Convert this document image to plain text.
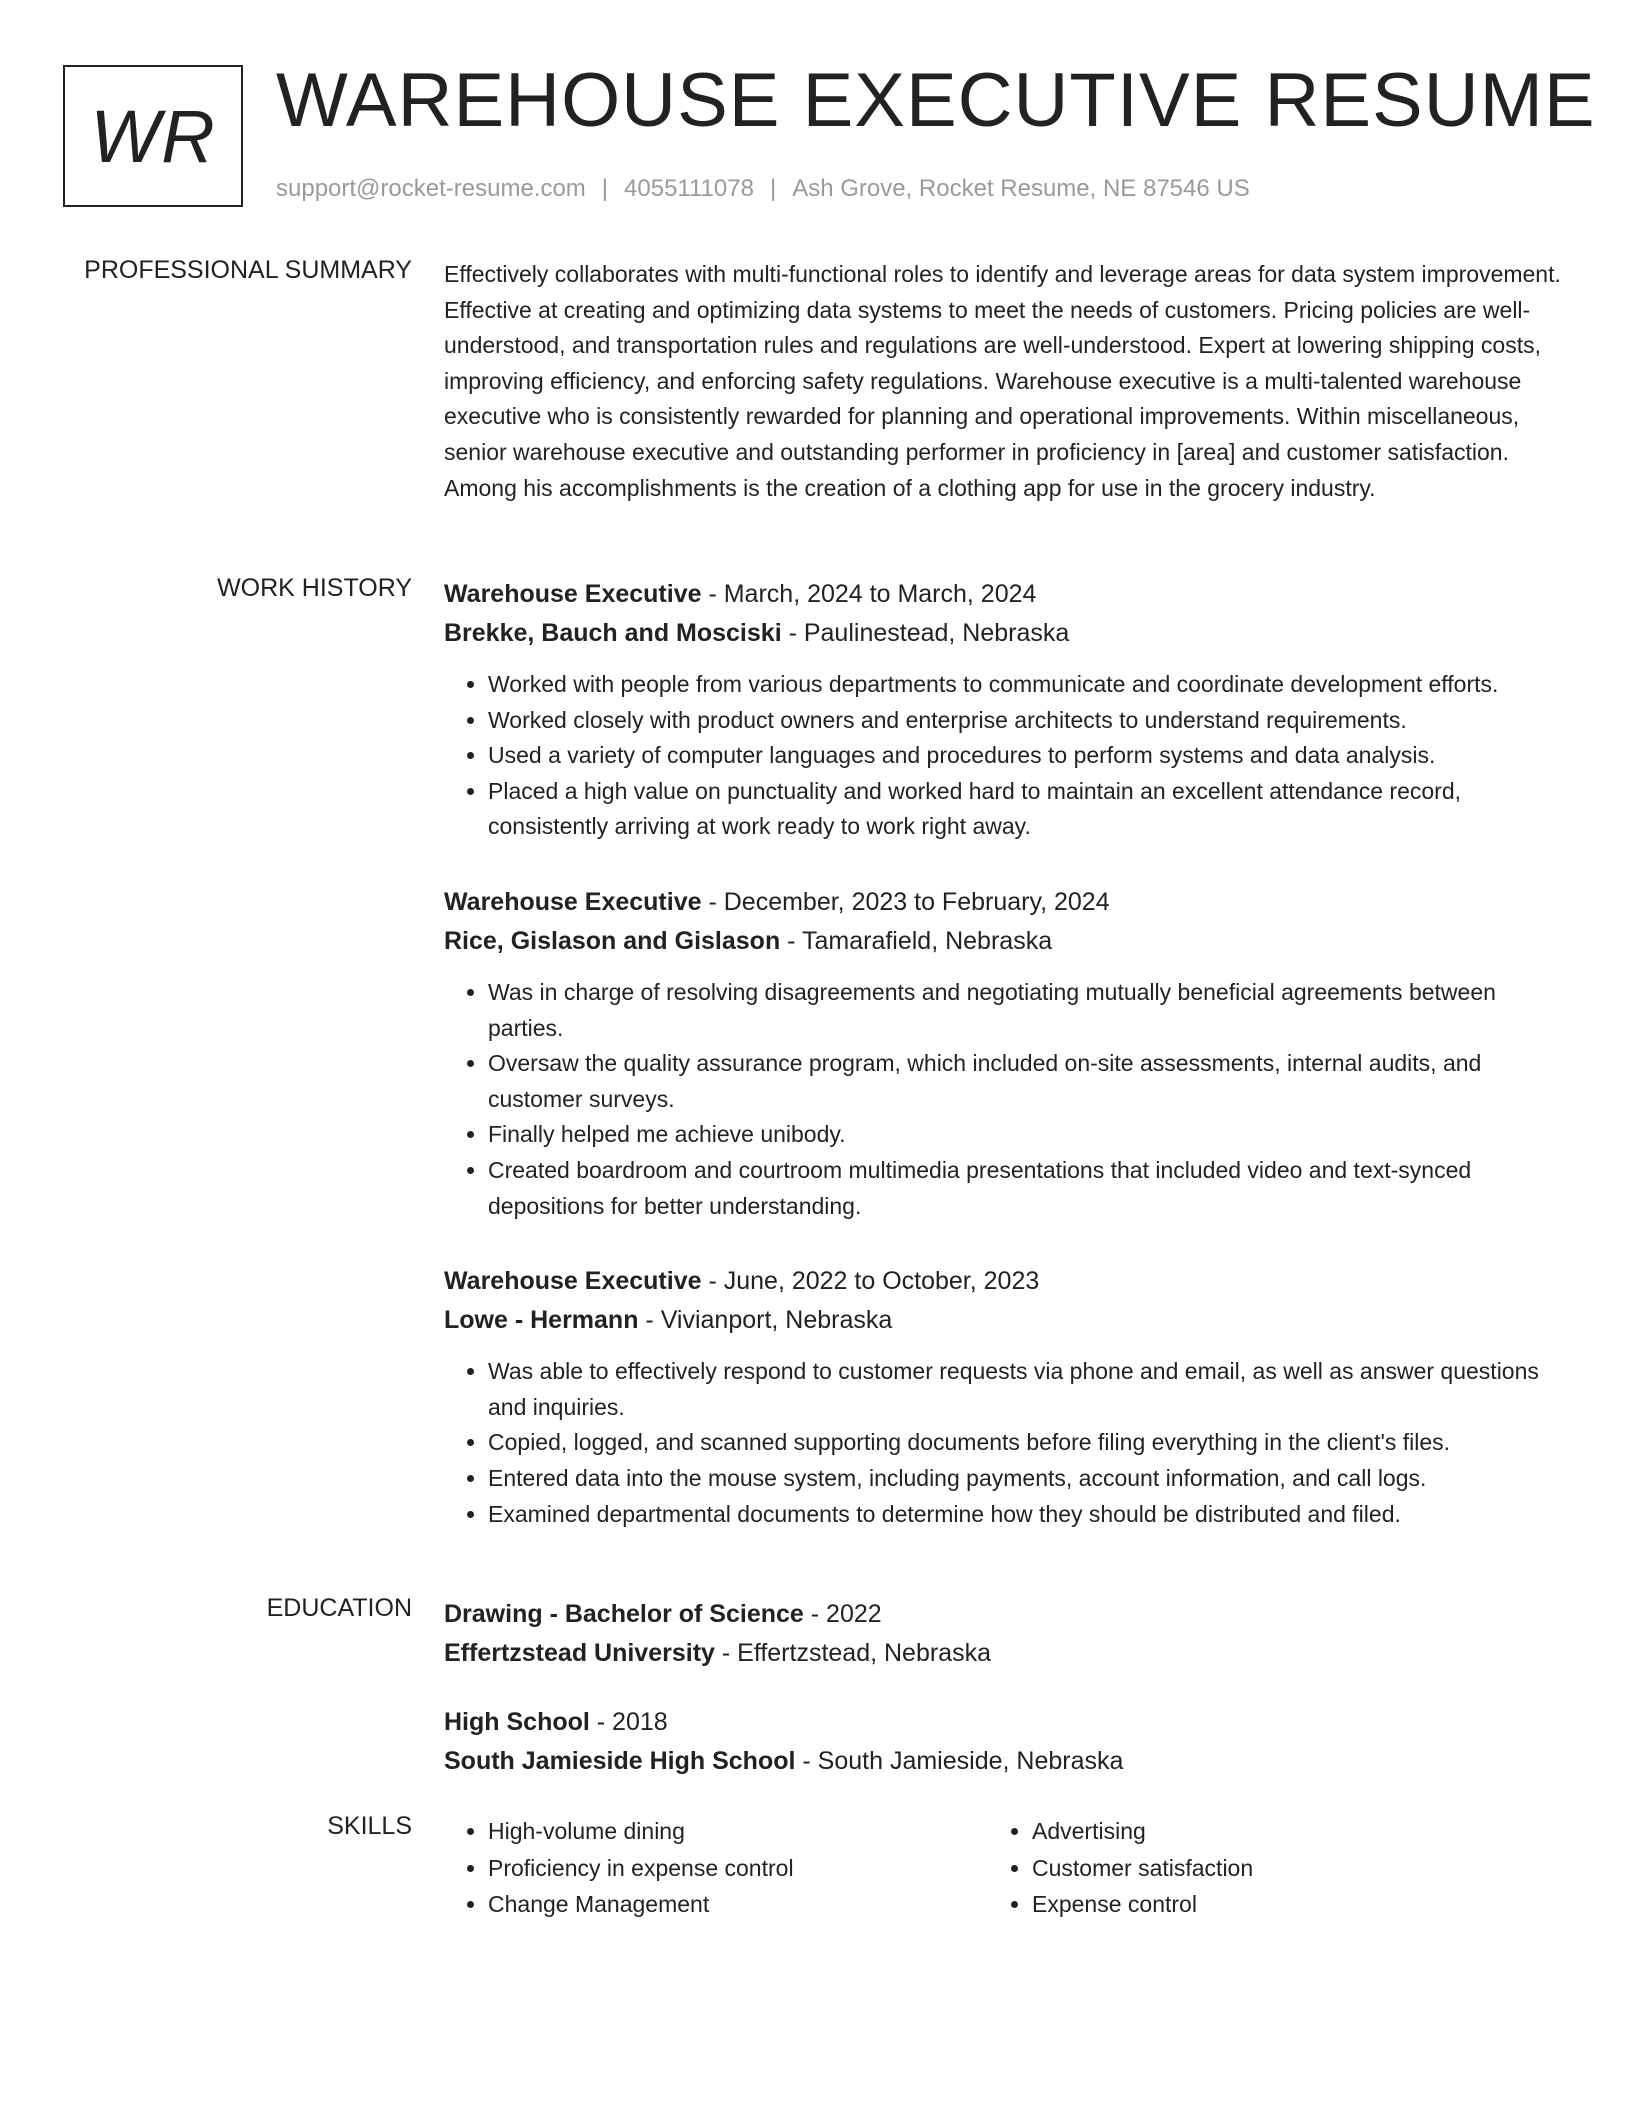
WR WAREHOUSE EXECUTIVE RESUME
support@rocket-resume.com | 4055111078 | Ash Grove, Rocket Resume, NE 87546 US
PROFESSIONAL SUMMARY Effectively collaborates with multi-functional roles to identify and leverage areas for data system improvement. Effective at creating and optimizing data systems to meet the needs of customers. Pricing policies are well-understood, and transportation rules and regulations are well-understood. Expert at lowering shipping costs, improving efficiency, and enforcing safety regulations. Warehouse executive is a multi-talented warehouse executive who is consistently rewarded for planning and operational improvements. Within miscellaneous, senior warehouse executive and outstanding performer in proficiency in [area] and customer satisfaction. Among his accomplishments is the creation of a clothing app for use in the grocery industry.
WORK HISTORY Warehouse Executive - March, 2024 to March, 2024
Brekke, Bauch and Mosciski - Paulinestead, Nebraska
• Worked with people from various departments to communicate and coordinate development efforts.
• Worked closely with product owners and enterprise architects to understand requirements.
• Used a variety of computer languages and procedures to perform systems and data analysis.
• Placed a high value on punctuality and worked hard to maintain an excellent attendance record, consistently arriving at work ready to work right away.
Warehouse Executive - December, 2023 to February, 2024
Rice, Gislason and Gislason - Tamarafield, Nebraska
• Was in charge of resolving disagreements and negotiating mutually beneficial agreements between parties.
• Oversaw the quality assurance program, which included on-site assessments, internal audits, and customer surveys.
• Finally helped me achieve unibody.
• Created boardroom and courtroom multimedia presentations that included video and text-synced depositions for better understanding.
Warehouse Executive - June, 2022 to October, 2023
Lowe - Hermann - Vivianport, Nebraska
• Was able to effectively respond to customer requests via phone and email, as well as answer questions and inquiries.
• Copied, logged, and scanned supporting documents before filing everything in the client's files.
• Entered data into the mouse system, including payments, account information, and call logs.
• Examined departmental documents to determine how they should be distributed and filed.
EDUCATION Drawing - Bachelor of Science - 2022
Effertzstead University - Effertzstead, Nebraska
High School - 2018
South Jamieside High School - South Jamieside, Nebraska
SKILLS
•	High-volume dining
• Proficiency in expense control
• Change Management
• Advertising
• Customer satisfaction
• Expense control
